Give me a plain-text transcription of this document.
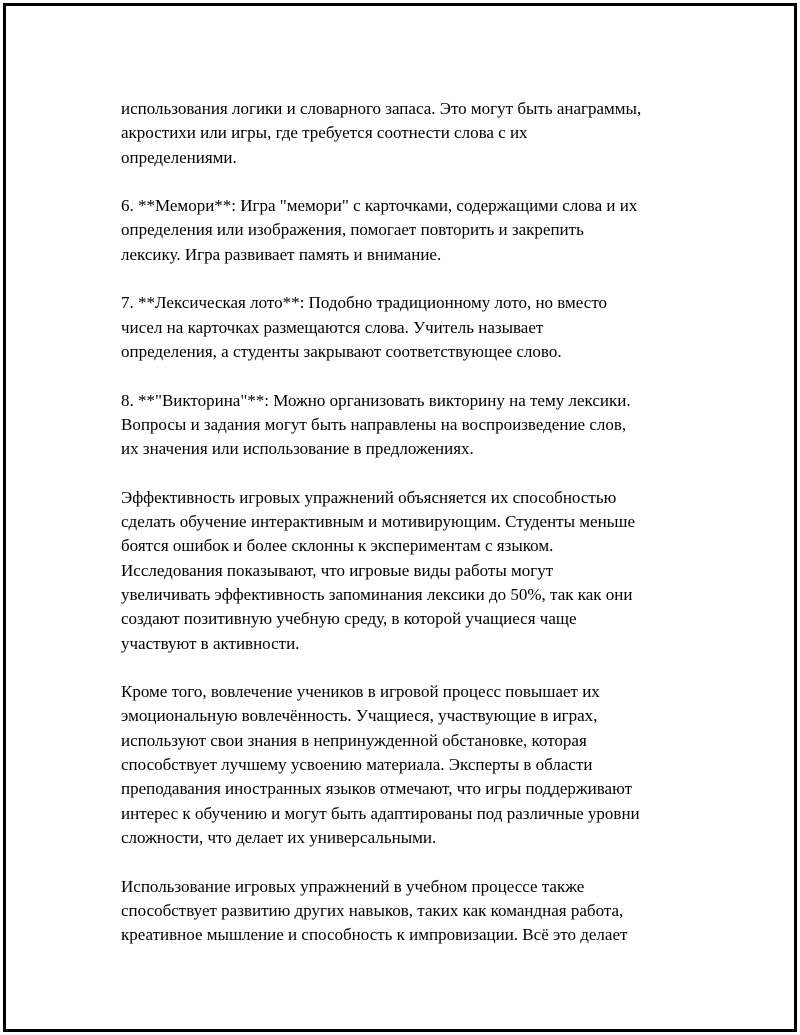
использования логики и словарного запаса. Это могут быть анаграммы,
акростихи или игры, где требуется соотнести слова с их
определениями.

6. **Мемори**: Игра "мемори" с карточками, содержащими слова и их
определения или изображения, помогает повторить и закрепить
лексику. Игра развивает память и внимание.

7. **Лексическая лото**: Подобно традиционному лото, но вместо
чисел на карточках размещаются слова. Учитель называет
определения, а студенты закрывают соответствующее слово.

8. **"Викторина"**: Можно организовать викторину на тему лексики.
Вопросы и задания могут быть направлены на воспроизведение слов,
их значения или использование в предложениях.

Эффективность игровых упражнений объясняется их способностью
сделать обучение интерактивным и мотивирующим. Студенты меньше
боятся ошибок и более склонны к экспериментам с языком.
Исследования показывают, что игровые виды работы могут
увеличивать эффективность запоминания лексики до 50%, так как они
создают позитивную учебную среду, в которой учащиеся чаще
участвуют в активности.

Кроме того, вовлечение учеников в игровой процесс повышает их
эмоциональную вовлечённость. Учащиеся, участвующие в играх,
используют свои знания в непринужденной обстановке, которая
способствует лучшему усвоению материала. Эксперты в области
преподавания иностранных языков отмечают, что игры поддерживают
интерес к обучению и могут быть адаптированы под различные уровни
сложности, что делает их универсальными.

Использование игровых упражнений в учебном процессе также
способствует развитию других навыков, таких как командная работа,
креативное мышление и способность к импровизации. Всё это делает
